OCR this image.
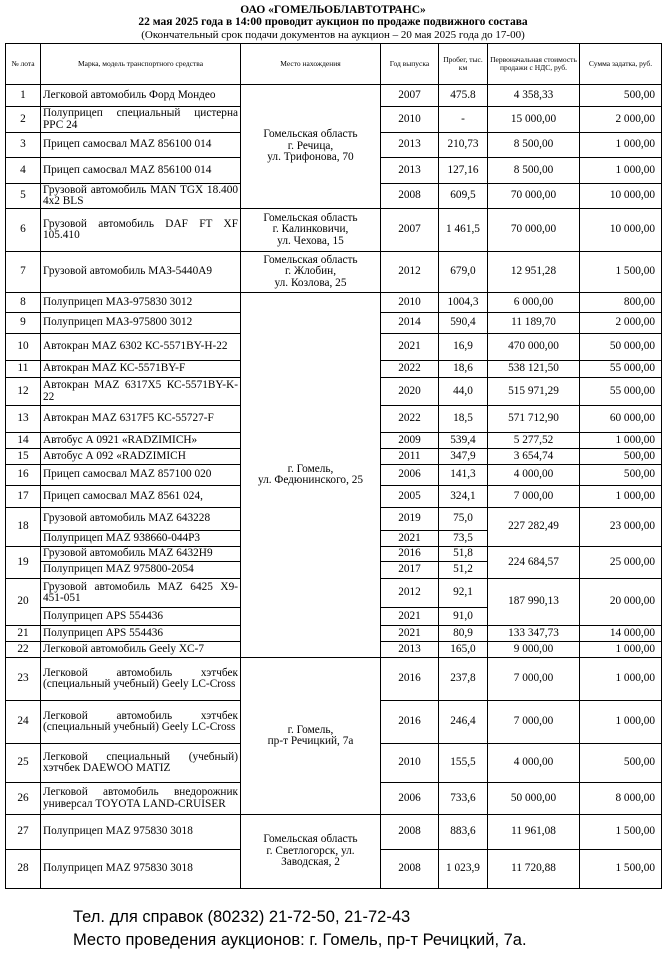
ОАО «ГОМЕЛЬОБЛАВТОТРАНС»
22 мая 2025 года в 14:00 проводит аукцион по продаже подвижного состава
(Окончательный срок подачи документов на аукцион – 20 мая 2025 года до 17-00)
№ лота	Марка, модель транспортного средства	Место нахождения	Год выпуска	Пробег, тыс. км	Первоначальная стоимость продажи с НДС, руб.	Сумма задатка, руб.
1	Легковой автомобиль Форд Мондео	Гомельская область
г. Речица,
ул. Трифонова, 70	2007	475.8	4 358,33	500,00
2	Полуприцеп специальный цистерна РРС 24		2010	-	15 000,00	2 000,00
3	Прицеп самосвал MAZ 856100 014		2013	210,73	8 500,00	1 000,00
4	Прицеп самосвал MAZ 856100 014		2013	127,16	8 500,00	1 000,00
5	Грузовой автомобиль MAN TGX 18.400 4x2 BLS		2008	609,5	70 000,00	10 000,00
6	Грузовой автомобиль DAF FT XF 105.410	Гомельская область
г. Калинковичи,
ул. Чехова, 15	2007	1 461,5	70 000,00	10 000,00
7	Грузовой автомобиль МАЗ-5440А9	Гомельская область
г. Жлобин,
ул. Козлова, 25	2012	679,0	12 951,28	1 500,00
8	Полуприцеп МАЗ-975830 3012	г. Гомель,
ул. Федюнинского, 25	2010	1004,3	6 000,00	800,00
9	Полуприцеп МАЗ-975800 3012		2014	590,4	11 189,70	2 000,00
10	Автокран MAZ 6302 КС-5571BY-H-22		2021	16,9	470 000,00	50 000,00
11	Автокран MAZ КС-5571BY-F		2022	18,6	538 121,50	55 000,00
12	Автокран MAZ 6317X5 КС-5571BY-K-22		2020	44,0	515 971,29	55 000,00
13	Автокран MAZ 6317F5 КС-55727-F		2022	18,5	571 712,90	60 000,00
14	Автобус А 0921 «RADZIMICH»		2009	539,4	5 277,52	1 000,00
15	Автобус А 092 «RADZIMICH		2011	347,9	3 654,74	500,00
16	Прицеп самосвал MAZ 857100 020		2006	141,3	4 000,00	500,00
17	Прицеп самосвал MAZ 8561 024,		2005	324,1	7 000,00	1 000,00
18	Грузовой автомобиль MAZ 643228		2019	75,0	227 282,49	23 000,00
	Полуприцеп MAZ 938660-044Р3		2021	73,5		
19	Грузовой автомобиль MAZ 6432H9		2016	51,8	224 684,57	25 000,00
	Полуприцеп MAZ 975800-2054		2017	51,2		
20	Грузовой автомобиль MAZ 6425 X9-451-051		2012	92,1	187 990,13	20 000,00
	Полуприцеп APS 554436		2021	91,0		
21	Полуприцеп APS 554436		2021	80,9	133 347,73	14 000,00
22	Легковой автомобиль Geely XC-7		2013	165,0	9 000,00	1 000,00
23	Легковой автомобиль хэтчбек (специальный учебный) Geely LC-Cross	г. Гомель,
пр-т Речицкий, 7а	2016	237,8	7 000,00	1 000,00
24	Легковой автомобиль хэтчбек (специальный учебный) Geely LC-Cross		2016	246,4	7 000,00	1 000,00
25	Легковой специальный (учебный) хэтчбек DAEWOO MATIZ		2010	155,5	4 000,00	500,00
26	Легковой автомобиль внедорожник универсал TOYOTA LAND-CRUISER		2006	733,6	50 000,00	8 000,00
27	Полуприцеп MAZ 975830 3018	Гомельская область
г. Светлогорск, ул. Заводская, 2	2008	883,6	11 961,08	1 500,00
28	Полуприцеп MAZ 975830 3018		2008	1 023,9	11 720,88	1 500,00
Тел. для справок (80232) 21-72-50, 21-72-43
Место проведения аукционов: г. Гомель, пр-т Речицкий, 7а.
